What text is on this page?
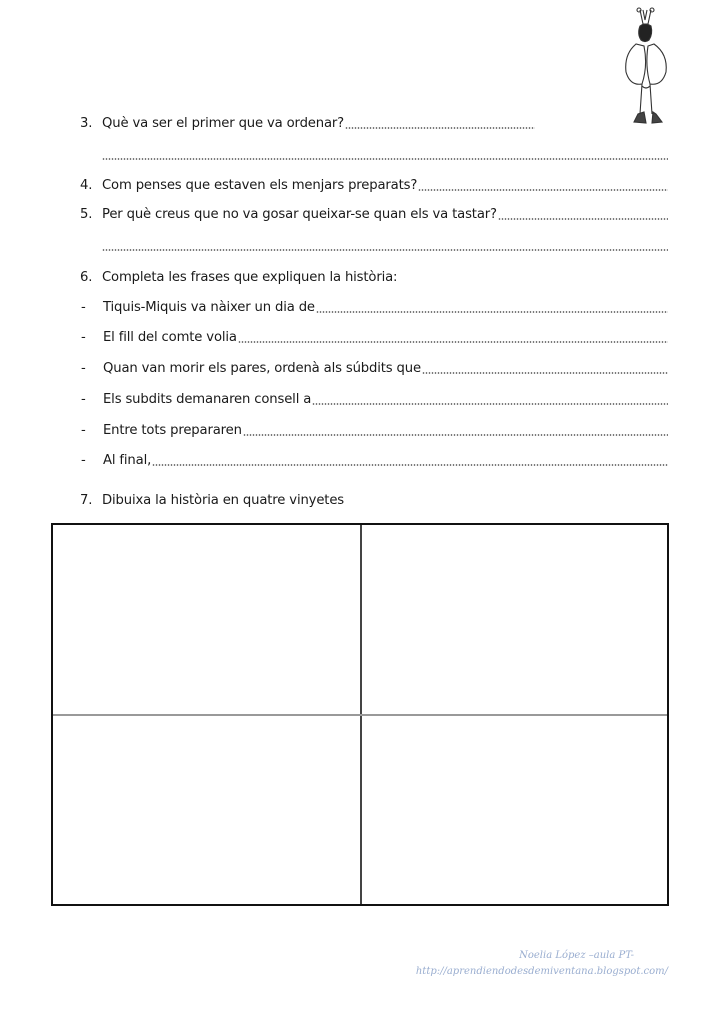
3. Què va ser el primer que va ordenar?
4. Com penses que estaven els menjars preparats?
5. Per què creus que no va gosar queixar-se quan els va tastar?
6. Completa les frases que expliquen la història:
-	Tiquis-Miquis va nàixer un dia de
-	El fill del comte volia
-	Quan van morir els pares, ordenà als súbdits que
-	Els subdits demanaren consell a
-	Entre tots prepararen
-	Al final,
7. Dibuixa la història en quatre vinyetes
Noelia López –aula PT-
http://aprendiendodesdemiventana.blogspot.com/
